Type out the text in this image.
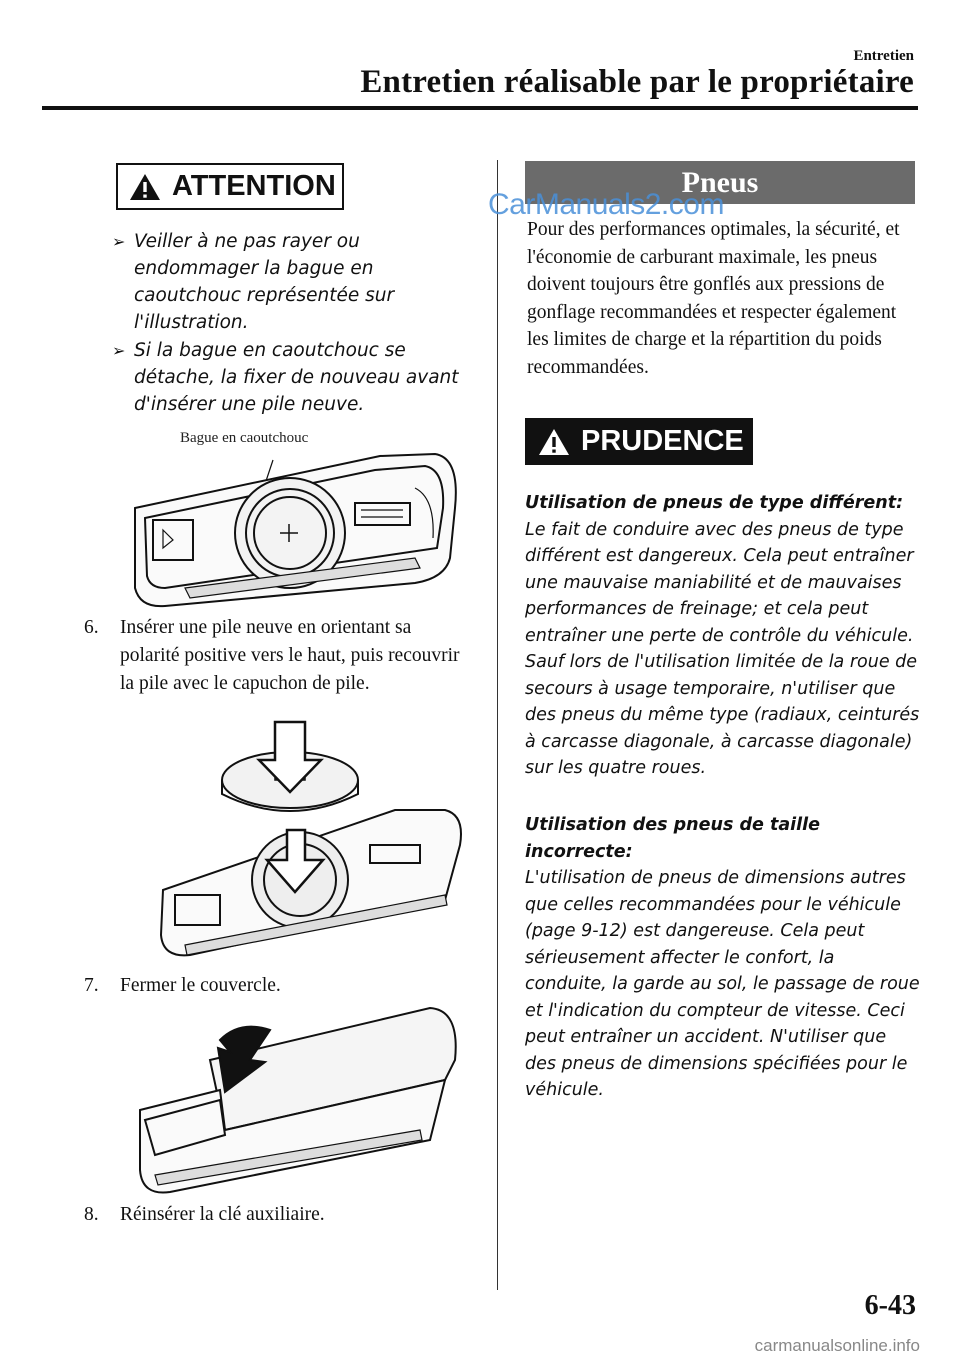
Entretien
Entretien réalisable par le propriétaire
ATTENTION
➢ Veiller à ne pas rayer ou endommager la bague en caoutchouc représentée sur l'illustration.
➢ Si la bague en caoutchouc se détache, la fixer de nouveau avant d'insérer une pile neuve.
Bague en caoutchouc
6.	Insérer une pile neuve en orientant sa polarité positive vers le haut, puis recouvrir la pile avec le capuchon de pile.
7.	Fermer le couvercle.
8.	Réinsérer la clé auxiliaire.
Pneus
CarManuals2.com
Pour des performances optimales, la sécurité, et l'économie de carburant maximale, les pneus doivent toujours être gonflés aux pressions de gonflage recommandées et respecter également les limites de charge et la répartition du poids recommandées.
PRUDENCE
Utilisation de pneus de type différent:
Le fait de conduire avec des pneus de type différent est dangereux. Cela peut entraîner une mauvaise maniabilité et de mauvaises performances de freinage; et cela peut entraîner une perte de contrôle du véhicule. Sauf lors de l'utilisation limitée de la roue de secours à usage temporaire, n'utiliser que des pneus du même type (radiaux, ceinturés à carcasse diagonale, à carcasse diagonale) sur les quatre roues.
Utilisation des pneus de taille incorrecte:
L'utilisation de pneus de dimensions autres que celles recommandées pour le véhicule (page 9-12) est dangereuse. Cela peut sérieusement affecter le confort, la conduite, la garde au sol, le passage de roue et l'indication du compteur de vitesse. Ceci peut entraîner un accident. N'utiliser que des pneus de dimensions spécifiées pour le véhicule.
6-43
carmanualsonline.info
